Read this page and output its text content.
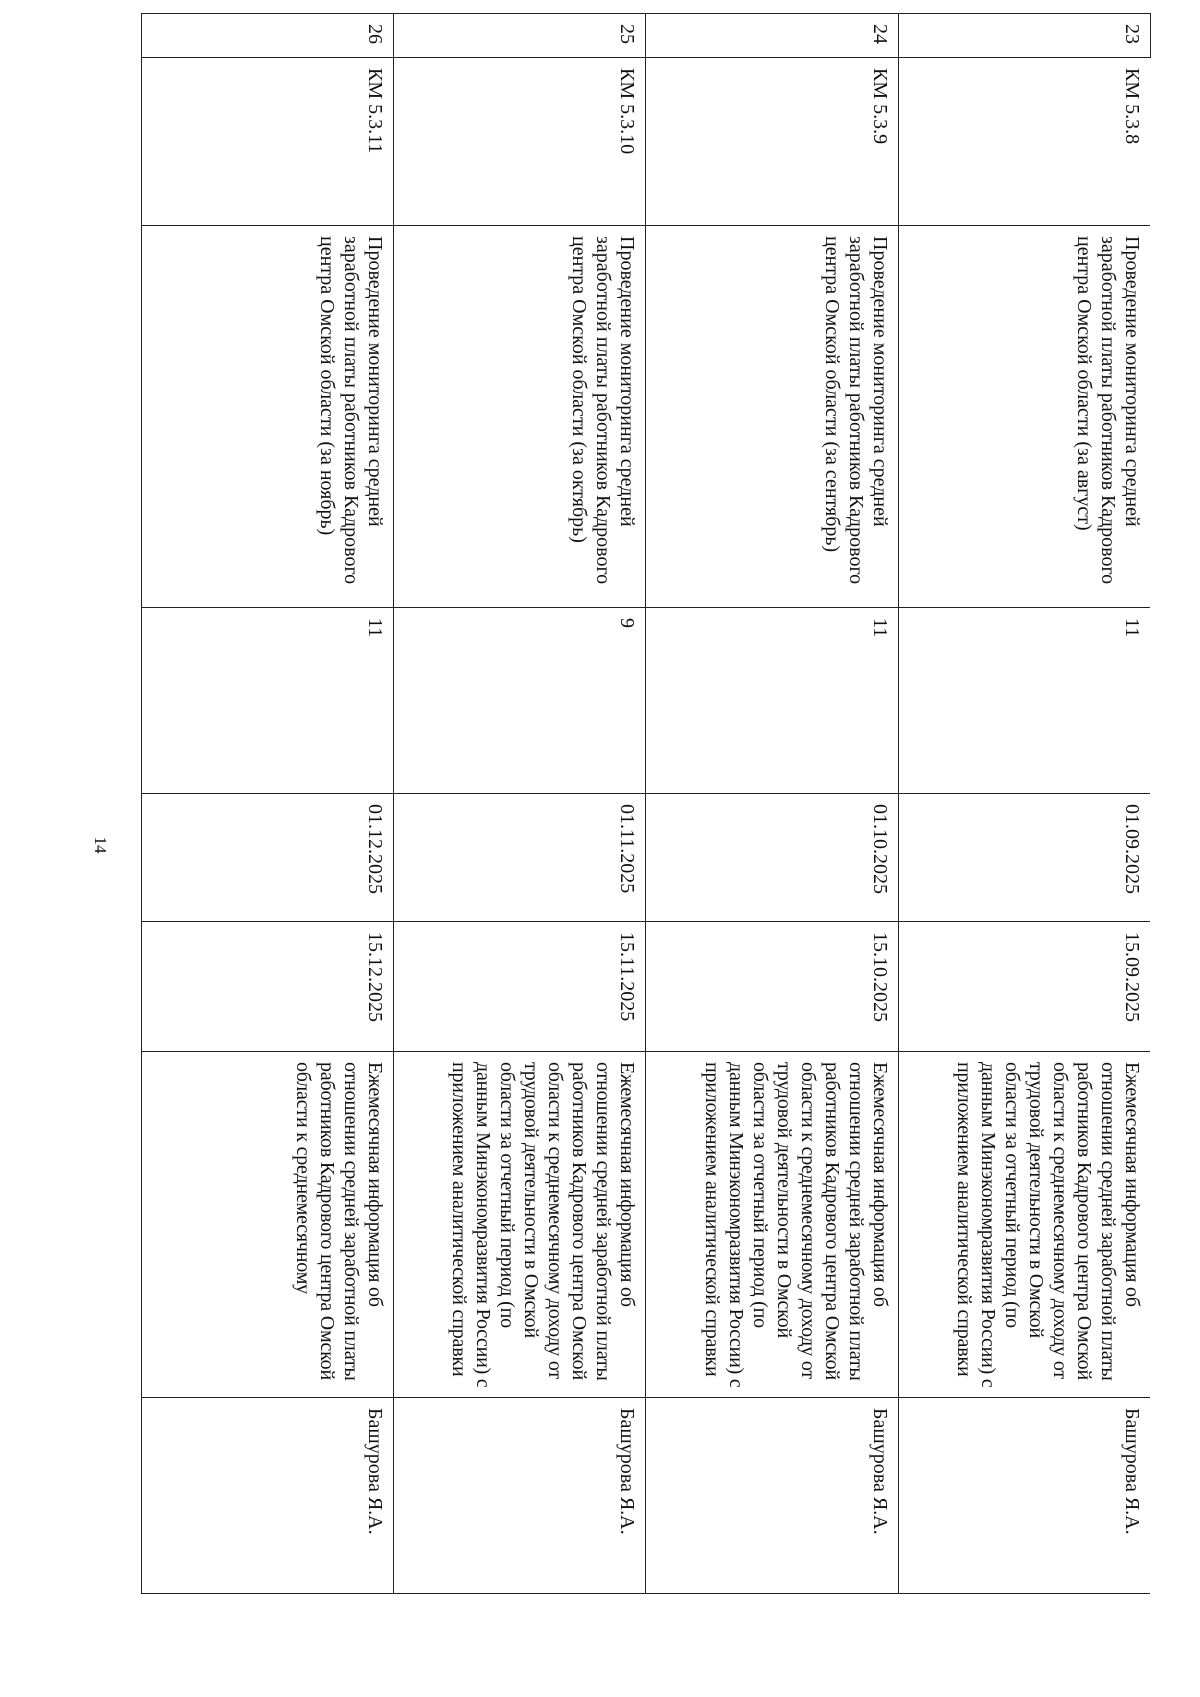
14
23	КМ 5.3.8	Проведение мониторинга средней заработной платы работников Кадрового центра Омской области (за август)	11	01.09.2025	15.09.2025	Ежемесячная информация об отношении средней заработной платы работников Кадрового центра Омской области к среднемесячному доходу от трудовой деятельности в Омской области за отчетный период (по данным Минэкономразвития России) с приложением аналитической справки	Башурова Я.А.
24	КМ 5.3.9	Проведение мониторинга средней заработной платы работников Кадрового центра Омской области (за сентябрь)	11	01.10.2025	15.10.2025	Ежемесячная информация об отношении средней заработной платы работников Кадрового центра Омской области к среднемесячному доходу от трудовой деятельности в Омской области за отчетный период (по данным Минэкономразвития России) с приложением аналитической справки	Башурова Я.А.
25	КМ 5.3.10	Проведение мониторинга средней заработной платы работников Кадрового центра Омской области (за октябрь)	9	01.11.2025	15.11.2025	Ежемесячная информация об отношении средней заработной платы работников Кадрового центра Омской области к среднемесячному доходу от трудовой деятельности в Омской области за отчетный период (по данным Минэкономразвития России) с приложением аналитической справки	Башурова Я.А.
26	КМ 5.3.11	Проведение мониторинга средней заработной платы работников Кадрового центра Омской области (за ноябрь)	11	01.12.2025	15.12.2025	Ежемесячная информация об отношении средней заработной платы работников Кадрового центра Омской области к среднемесячному	Башурова Я.А.
